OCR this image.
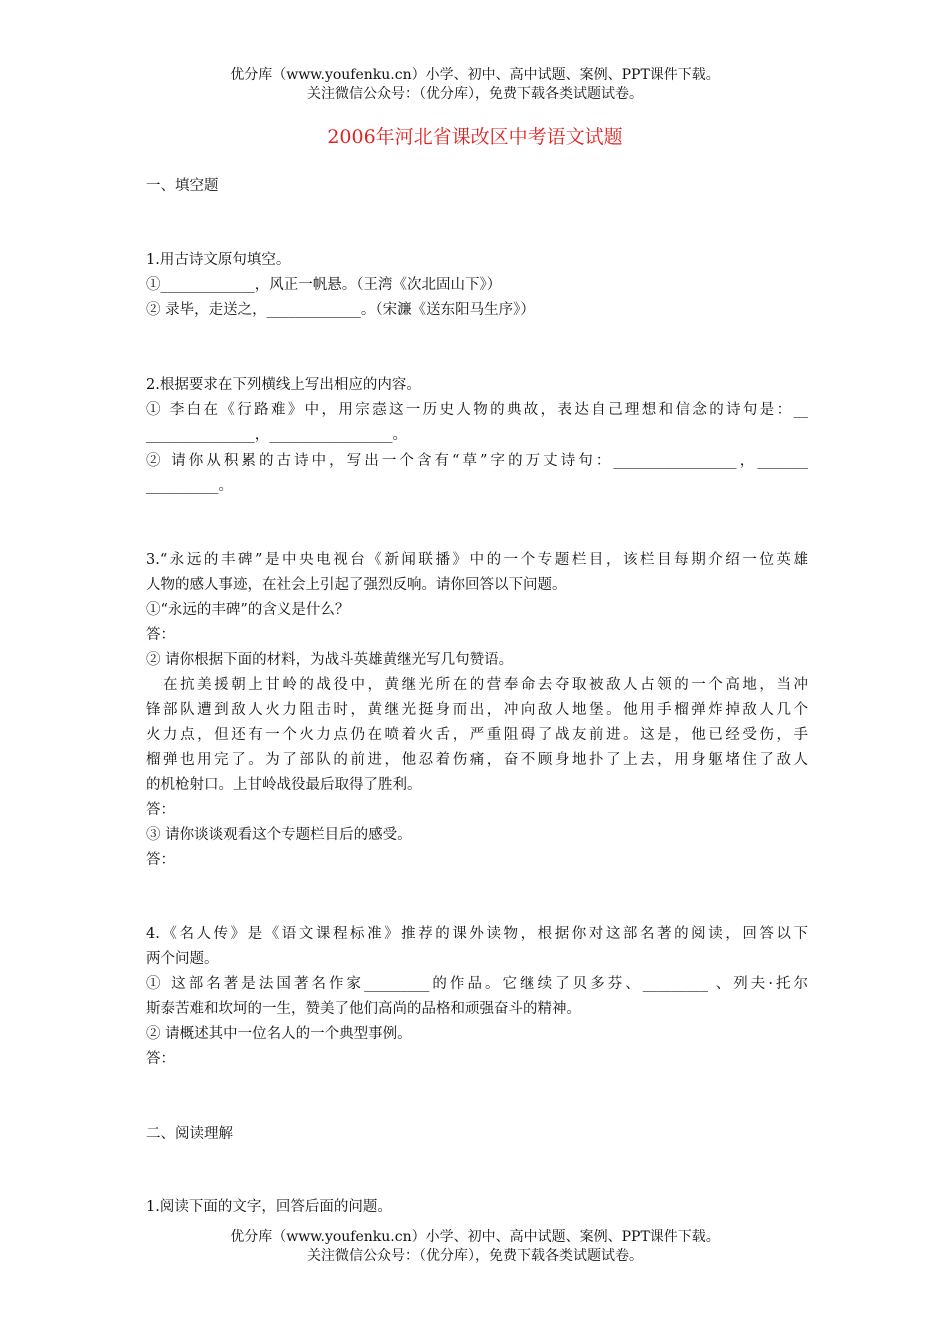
优分库（www.youfenku.cn）小学、初中、高中试题、案例、PPT课件下载。
关注微信公众号：（优分库），免费下载各类试题试卷。
2006年河北省课改区中考语文试题
一、填空题
1.用古诗文原句填空。
①_____________，风正一帆悬。（王湾《次北固山下》）
② 录毕，走送之，_____________。（宋濂《送东阳马生序》）
2.根据要求在下列横线上写出相应的内容。
① 李白在《行路难》中，用宗悫这一历史人物的典故，表达自己理想和信念的诗句是：__
_______________，_________________。
② 请你从积累的古诗中，写出一个含有“草”字的万丈诗句：_________________，_______
__________。
3.“永远的丰碑”是中央电视台《新闻联播》中的一个专题栏目，该栏目每期介绍一位英雄
人物的感人事迹，在社会上引起了强烈反响。请你回答以下问题。
①“永远的丰碑”的含义是什么？
答：
② 请你根据下面的材料，为战斗英雄黄继光写几句赞语。
　在抗美援朝上甘岭的战役中，黄继光所在的营奉命去夺取被敌人占领的一个高地，当冲
锋部队遭到敌人火力阻击时，黄继光挺身而出，冲向敌人地堡。他用手榴弹炸掉敌人几个
火力点，但还有一个火力点仍在喷着火舌，严重阻碍了战友前进。这是，他已经受伤，手
榴弹也用完了。为了部队的前进，他忍着伤痛，奋不顾身地扑了上去，用身躯堵住了敌人
的机枪射口。上甘岭战役最后取得了胜利。
答：
③ 请你谈谈观看这个专题栏目后的感受。
答：
4.《名人传》是《语文课程标准》推荐的课外读物，根据你对这部名著的阅读，回答以下
两个问题。
① 这部名著是法国著名作家_________的作品。它继续了贝多芬、_________ 、列夫·托尔
斯泰苦难和坎坷的一生，赞美了他们高尚的品格和顽强奋斗的精神。
② 请概述其中一位名人的一个典型事例。
答：
二、阅读理解
1.阅读下面的文字，回答后面的问题。
优分库（www.youfenku.cn）小学、初中、高中试题、案例、PPT课件下载。
关注微信公众号：（优分库），免费下载各类试题试卷。
